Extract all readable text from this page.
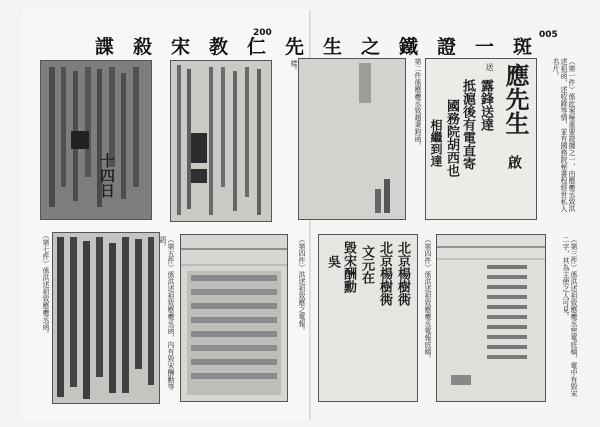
諜殺宋教仁先生之鐵證一斑
200	005
十四日
樣。	第二件係應夔丞致趙秉鈞函。	應先生
啟
露鋒送達
抵滬後有電直寄
國務院胡西也
相繼到達
送	（第一件）係此案極重要證據之一，由應夔丞致洪述祖函，述收錄等情，並有國務院秘書程經世私人名片。
（第七件）係洪述祖致應夔丞函。	（第五件）係洪述祖致應夔丞函，內有毀宋酬勳等語。	（第四件）洪述祖致應之電報。	北京楊樹衖
北京楊樹衖
文元在
毀宋酬勳
吳	（第四件）係洪述祖致應夔丞電報底稿。	（第三件）係洪述祖致應夔丞密電底稿，電中有毀宋二字，其為主使之人可見。
